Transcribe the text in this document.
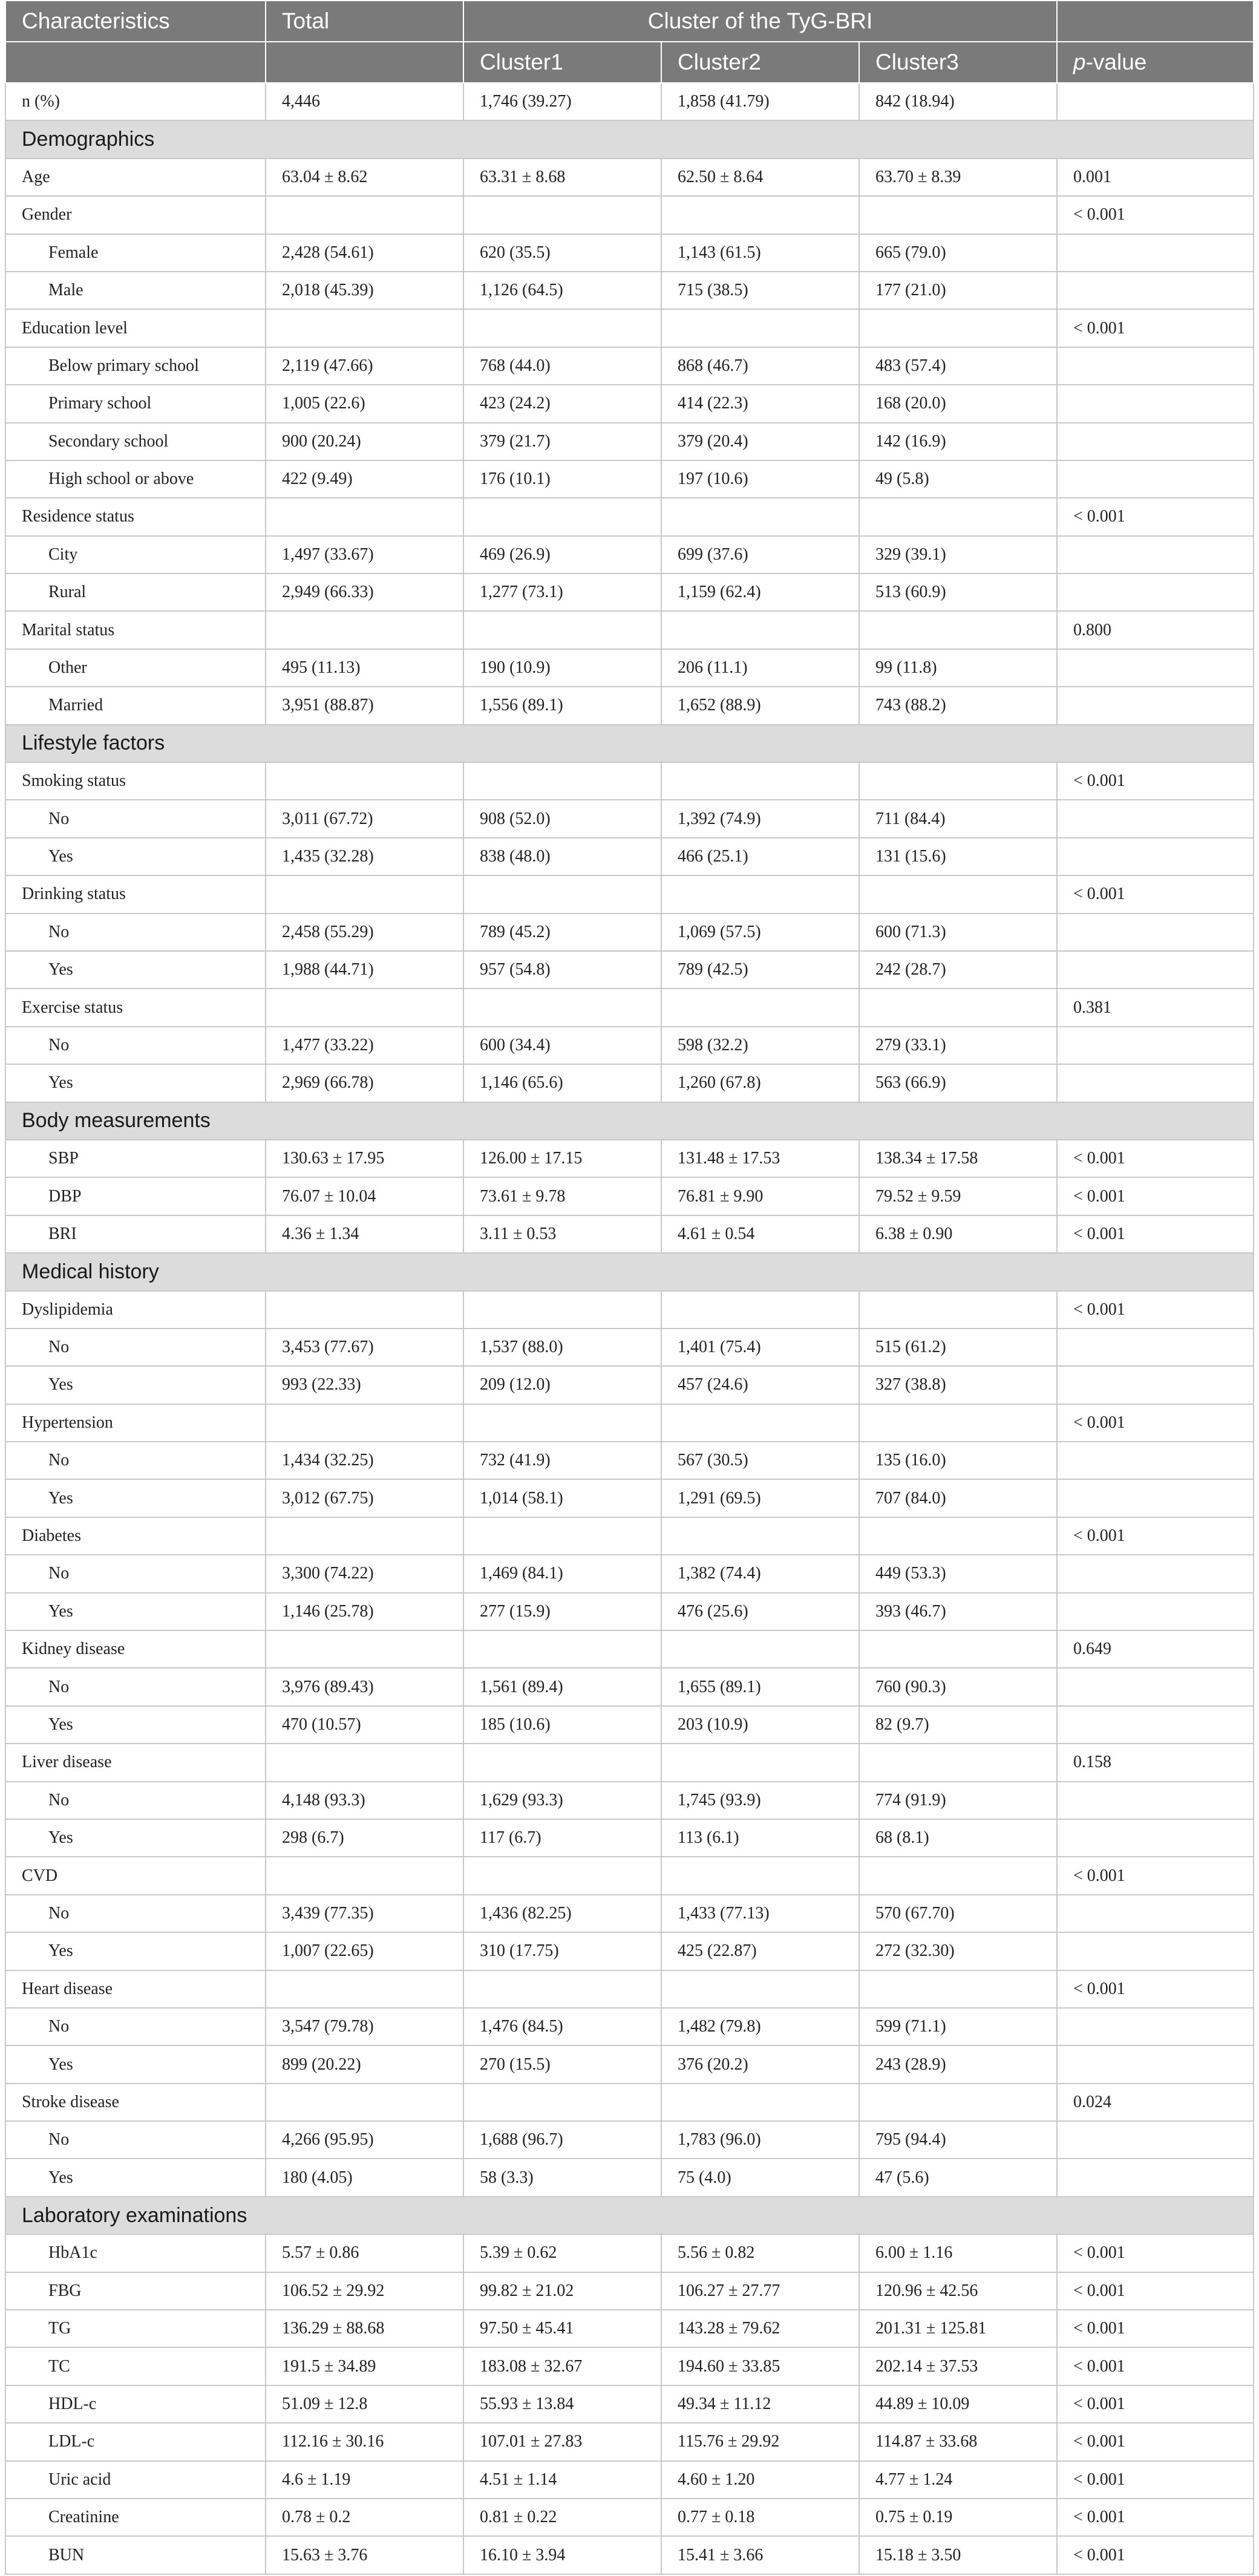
Characteristics	Total	Cluster of the TyG-BRI			
		Cluster1	Cluster2	Cluster3	p-value
n (%)	4,446	1,746 (39.27)	1,858 (41.79)	842 (18.94)	
Demographics					
Age	63.04 ± 8.62	63.31 ± 8.68	62.50 ± 8.64	63.70 ± 8.39	0.001
Gender					< 0.001
Female	2,428 (54.61)	620 (35.5)	1,143 (61.5)	665 (79.0)	
Male	2,018 (45.39)	1,126 (64.5)	715 (38.5)	177 (21.0)	
Education level					< 0.001
Below primary school	2,119 (47.66)	768 (44.0)	868 (46.7)	483 (57.4)	
Primary school	1,005 (22.6)	423 (24.2)	414 (22.3)	168 (20.0)	
Secondary school	900 (20.24)	379 (21.7)	379 (20.4)	142 (16.9)	
High school or above	422 (9.49)	176 (10.1)	197 (10.6)	49 (5.8)	
Residence status					< 0.001
City	1,497 (33.67)	469 (26.9)	699 (37.6)	329 (39.1)	
Rural	2,949 (66.33)	1,277 (73.1)	1,159 (62.4)	513 (60.9)	
Marital status					0.800
Other	495 (11.13)	190 (10.9)	206 (11.1)	99 (11.8)	
Married	3,951 (88.87)	1,556 (89.1)	1,652 (88.9)	743 (88.2)	
Lifestyle factors					
Smoking status					< 0.001
No	3,011 (67.72)	908 (52.0)	1,392 (74.9)	711 (84.4)	
Yes	1,435 (32.28)	838 (48.0)	466 (25.1)	131 (15.6)	
Drinking status					< 0.001
No	2,458 (55.29)	789 (45.2)	1,069 (57.5)	600 (71.3)	
Yes	1,988 (44.71)	957 (54.8)	789 (42.5)	242 (28.7)	
Exercise status					0.381
No	1,477 (33.22)	600 (34.4)	598 (32.2)	279 (33.1)	
Yes	2,969 (66.78)	1,146 (65.6)	1,260 (67.8)	563 (66.9)	
Body measurements					
SBP	130.63 ± 17.95	126.00 ± 17.15	131.48 ± 17.53	138.34 ± 17.58	< 0.001
DBP	76.07 ± 10.04	73.61 ± 9.78	76.81 ± 9.90	79.52 ± 9.59	< 0.001
BRI	4.36 ± 1.34	3.11 ± 0.53	4.61 ± 0.54	6.38 ± 0.90	< 0.001
Medical history					
Dyslipidemia					< 0.001
No	3,453 (77.67)	1,537 (88.0)	1,401 (75.4)	515 (61.2)	
Yes	993 (22.33)	209 (12.0)	457 (24.6)	327 (38.8)	
Hypertension					< 0.001
No	1,434 (32.25)	732 (41.9)	567 (30.5)	135 (16.0)	
Yes	3,012 (67.75)	1,014 (58.1)	1,291 (69.5)	707 (84.0)	
Diabetes					< 0.001
No	3,300 (74.22)	1,469 (84.1)	1,382 (74.4)	449 (53.3)	
Yes	1,146 (25.78)	277 (15.9)	476 (25.6)	393 (46.7)	
Kidney disease					0.649
No	3,976 (89.43)	1,561 (89.4)	1,655 (89.1)	760 (90.3)	
Yes	470 (10.57)	185 (10.6)	203 (10.9)	82 (9.7)	
Liver disease					0.158
No	4,148 (93.3)	1,629 (93.3)	1,745 (93.9)	774 (91.9)	
Yes	298 (6.7)	117 (6.7)	113 (6.1)	68 (8.1)	
CVD					< 0.001
No	3,439 (77.35)	1,436 (82.25)	1,433 (77.13)	570 (67.70)	
Yes	1,007 (22.65)	310 (17.75)	425 (22.87)	272 (32.30)	
Heart disease					< 0.001
No	3,547 (79.78)	1,476 (84.5)	1,482 (79.8)	599 (71.1)	
Yes	899 (20.22)	270 (15.5)	376 (20.2)	243 (28.9)	
Stroke disease					0.024
No	4,266 (95.95)	1,688 (96.7)	1,783 (96.0)	795 (94.4)	
Yes	180 (4.05)	58 (3.3)	75 (4.0)	47 (5.6)	
Laboratory examinations					
HbA1c	5.57 ± 0.86	5.39 ± 0.62	5.56 ± 0.82	6.00 ± 1.16	< 0.001
FBG	106.52 ± 29.92	99.82 ± 21.02	106.27 ± 27.77	120.96 ± 42.56	< 0.001
TG	136.29 ± 88.68	97.50 ± 45.41	143.28 ± 79.62	201.31 ± 125.81	< 0.001
TC	191.5 ± 34.89	183.08 ± 32.67	194.60 ± 33.85	202.14 ± 37.53	< 0.001
HDL-c	51.09 ± 12.8	55.93 ± 13.84	49.34 ± 11.12	44.89 ± 10.09	< 0.001
LDL-c	112.16 ± 30.16	107.01 ± 27.83	115.76 ± 29.92	114.87 ± 33.68	< 0.001
Uric acid	4.6 ± 1.19	4.51 ± 1.14	4.60 ± 1.20	4.77 ± 1.24	< 0.001
Creatinine	0.78 ± 0.2	0.81 ± 0.22	0.77 ± 0.18	0.75 ± 0.19	< 0.001
BUN	15.63 ± 3.76	16.10 ± 3.94	15.41 ± 3.66	15.18 ± 3.50	< 0.001
